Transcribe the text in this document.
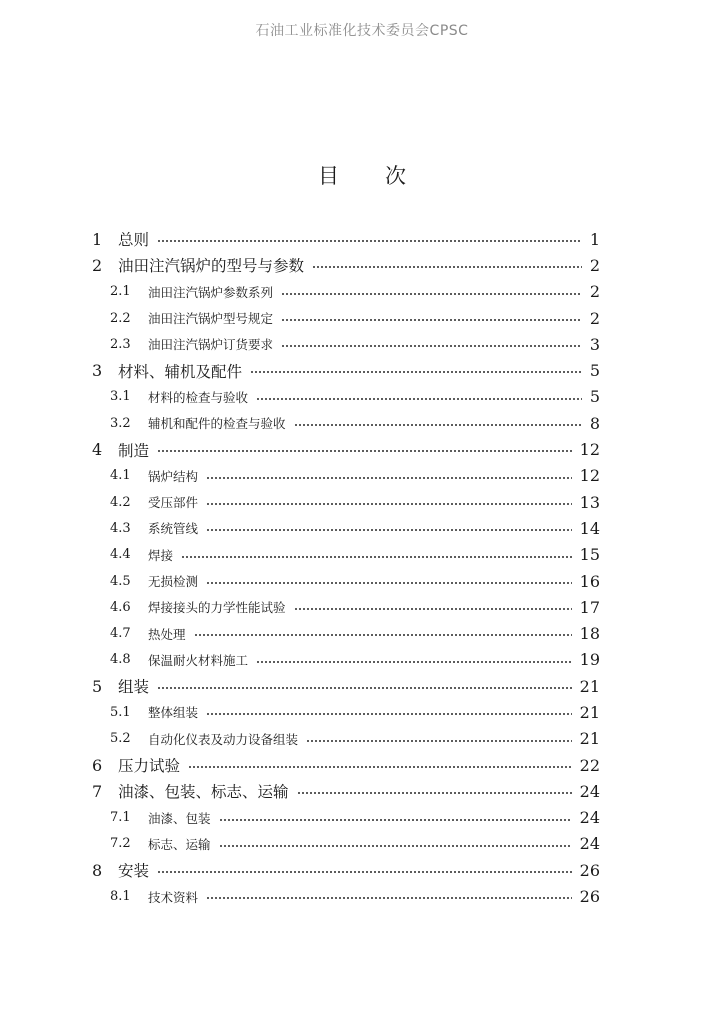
石油工业标准化技术委员会CPSC
目 次
1 总则	1
2 油田注汽锅炉的型号与参数	2
2.1 油田注汽锅炉参数系列	2
2.2 油田注汽锅炉型号规定	2
2.3 油田注汽锅炉订货要求	3
3 材料、辅机及配件	5
3.1 材料的检查与验收	5
3.2 辅机和配件的检查与验收	8
4 制造	12
4.1 锅炉结构	12
4.2 受压部件	13
4.3 系统管线	14
4.4 焊接	15
4.5 无损检测	16
4.6 焊接接头的力学性能试验	17
4.7 热处理	18
4.8 保温耐火材料施工	19
5 组装	21
5.1 整体组装	21
5.2 自动化仪表及动力设备组装	21
6 压力试验	22
7 油漆、包装、标志、运输	24
7.1 油漆、包装	24
7.2 标志、运输	24
8 安装	26
8.1 技术资料	26
